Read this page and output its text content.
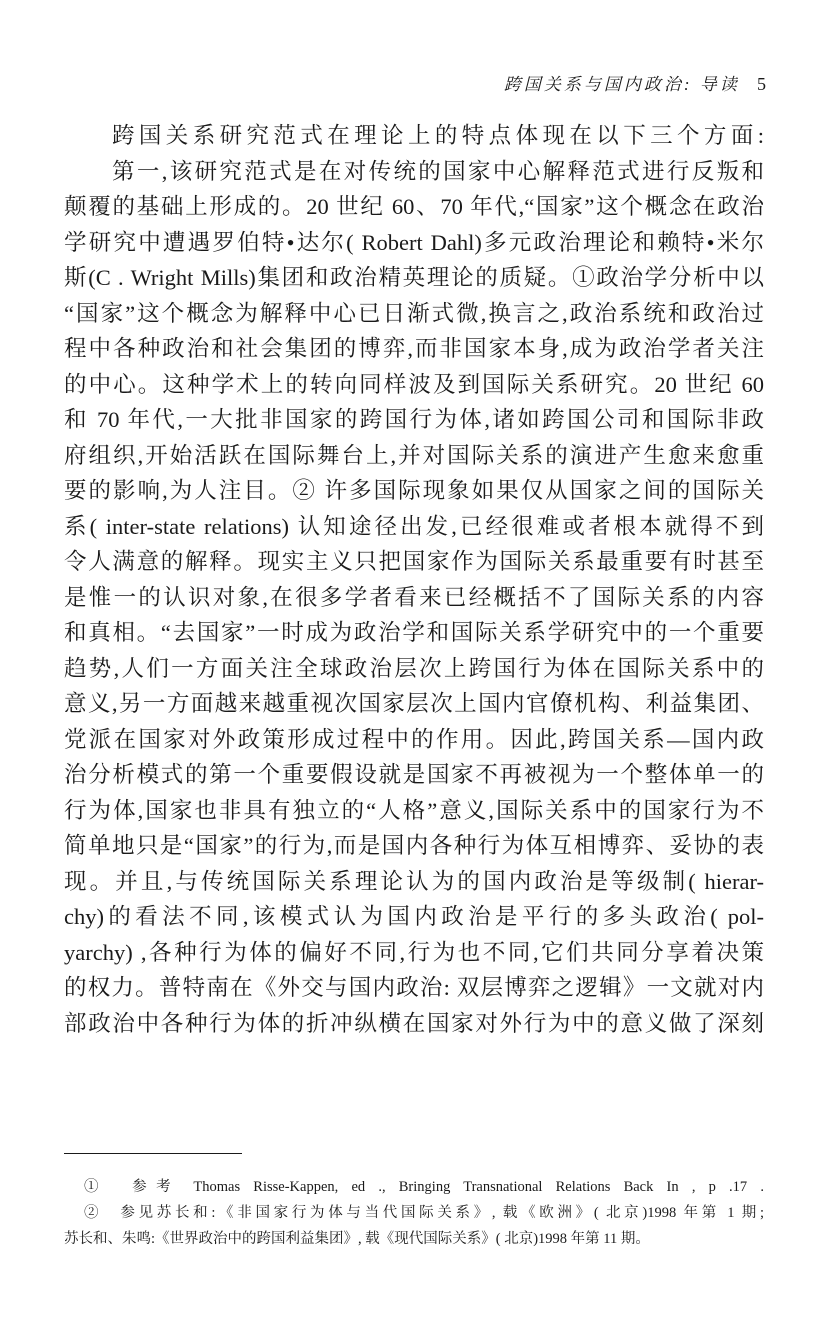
跨国关系与国内政治: 导读 5
跨国关系研究范式在理论上的特点体现在以下三个方面:
第一,该研究范式是在对传统的国家中心解释范式进行反叛和
颠覆的基础上形成的。20 世纪 60、70 年代,“国家”这个概念在政治
学研究中遭遇罗伯特•达尔( Robert Dahl)多元政治理论和赖特•米尔
斯(C . Wright Mills)集团和政治精英理论的质疑。①政治学分析中以
“国家”这个概念为解释中心已日渐式微,换言之,政治系统和政治过
程中各种政治和社会集团的博弈,而非国家本身,成为政治学者关注
的中心。这种学术上的转向同样波及到国际关系研究。20 世纪 60
和 70 年代,一大批非国家的跨国行为体,诸如跨国公司和国际非政
府组织,开始活跃在国际舞台上,并对国际关系的演进产生愈来愈重
要的影响,为人注目。② 许多国际现象如果仅从国家之间的国际关
系( inter-state relations) 认知途径出发,已经很难或者根本就得不到
令人满意的解释。现实主义只把国家作为国际关系最重要有时甚至
是惟一的认识对象,在很多学者看来已经概括不了国际关系的内容
和真相。“去国家”一时成为政治学和国际关系学研究中的一个重要
趋势,人们一方面关注全球政治层次上跨国行为体在国际关系中的
意义,另一方面越来越重视次国家层次上国内官僚机构、利益集团、
党派在国家对外政策形成过程中的作用。因此,跨国关系—国内政
治分析模式的第一个重要假设就是国家不再被视为一个整体单一的
行为体,国家也非具有独立的“人格”意义,国际关系中的国家行为不
简单地只是“国家”的行为,而是国内各种行为体互相博弈、妥协的表
现。并且,与传统国际关系理论认为的国内政治是等级制( hierar-
chy)的看法不同,该模式认为国内政治是平行的多头政治( pol-
yarchy) ,各种行为体的偏好不同,行为也不同,它们共同分享着决策
的权力。普特南在《外交与国内政治: 双层博弈之逻辑》一文就对内
部政治中各种行为体的折冲纵横在国家对外行为中的意义做了深刻
①　参考 Thomas Risse-Kappen, ed ., Bringing Transnational Relations Back In , p .17 .
②　参见苏长和:《非国家行为体与当代国际关系》, 载《欧洲》( 北京)1998 年第 1 期;
苏长和、朱鸣:《世界政治中的跨国利益集团》, 载《现代国际关系》( 北京)1998 年第 11 期。
